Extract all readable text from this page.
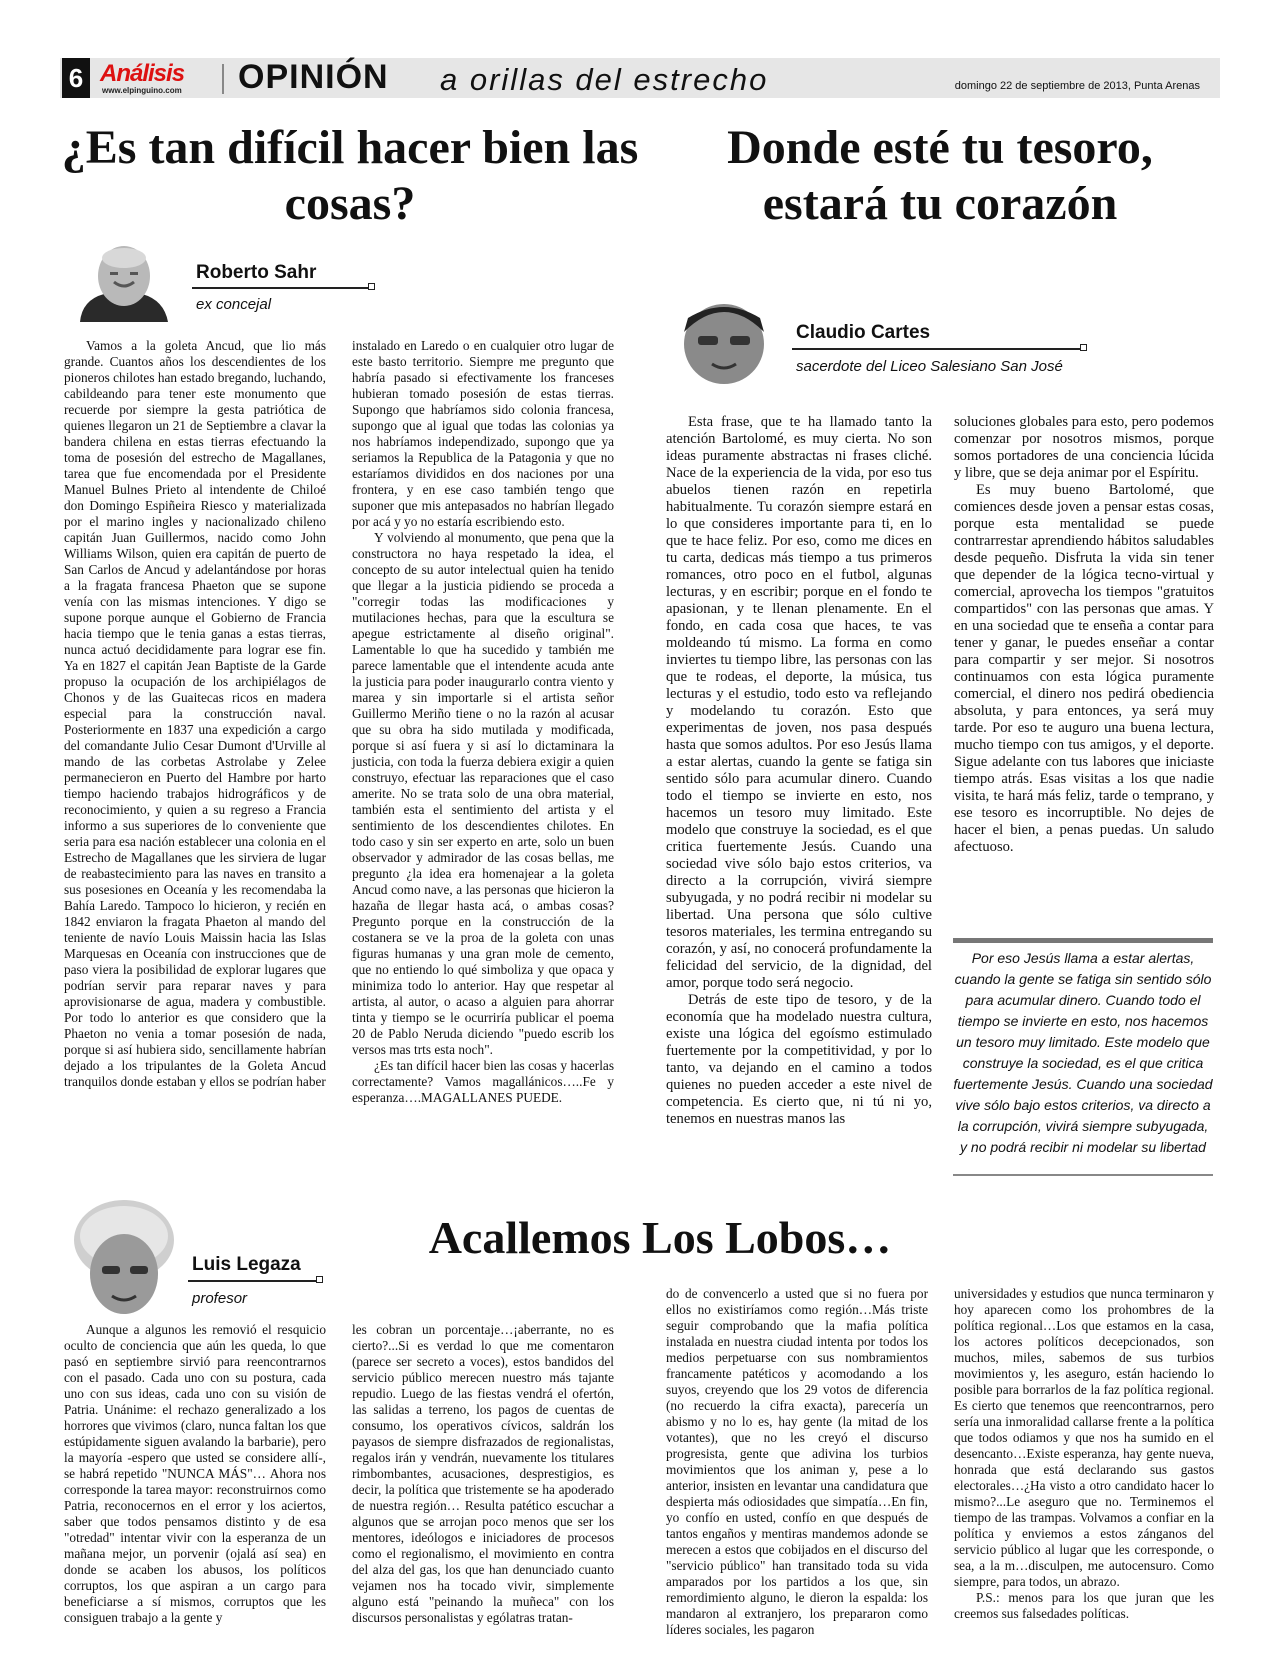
6 Análisis
www.elpinguino.com OPINIÓN a orillas del estrecho	domingo 22 de septiembre de 2013, Punta Arenas
¿Es tan difícil hacer bien las cosas?
Roberto Sahr
ex concejal

Vamos a la goleta Ancud, que lio más grande. Cuantos años los descendientes de los pioneros chilotes han estado bregando, luchando, cabildeando para tener este monumento que recuerde por siempre la gesta patriótica de quienes llegaron un 21 de Septiembre a clavar la bandera chilena en estas tierras efectuando la toma de posesión del estrecho de Magallanes, tarea que fue encomendada por el Presidente Manuel Bulnes Prieto al intendente de Chiloé don Domingo Espiñeira Riesco y materializada por el marino ingles y nacionalizado chileno capitán Juan Guillermos, nacido como John Williams Wilson, quien era capitán de puerto de San Carlos de Ancud y adelantándose por horas a la fragata francesa Phaeton que se supone venía con las mismas intenciones. Y digo se supone porque aunque el Gobierno de Francia hacia tiempo que le tenia ganas a estas tierras, nunca actuó decididamente para lograr ese fin. Ya en 1827 el capitán Jean Baptiste de la Garde propuso la ocupación de los archipiélagos de Chonos y de las Guaitecas ricos en madera especial para la construcción naval. Posteriormente en 1837 una expedición a cargo del comandante Julio Cesar Dumont d'Urville al mando de las corbetas Astrolabe y Zelee permanecieron en Puerto del Hambre por harto tiempo haciendo trabajos hidrográficos y de reconocimiento, y quien a su regreso a Francia informo a sus superiores de lo conveniente que seria para esa nación establecer una colonia en el Estrecho de Magallanes que les sirviera de lugar de reabastecimiento para las naves en transito a sus posesiones en Oceanía y les recomendaba la Bahía Laredo. Tampoco lo hicieron, y recién en 1842 enviaron la fragata Phaeton al mando del teniente de navío Louis Maissin hacia las Islas Marquesas en Oceanía con instrucciones que de paso viera la posibilidad de explorar lugares que podrían servir para reparar naves y para aprovisionarse de agua, madera y combustible. Por todo lo anterior es que considero que la Phaeton no venia a tomar posesión de nada, porque si así hubiera sido, sencillamente habrían dejado a los tripulantes de la Goleta Ancud tranquilos donde estaban y ellos se podrían haber

instalado en Laredo o en cualquier otro lugar de este basto territorio. Siempre me pregunto que habría pasado si efectivamente los franceses hubieran tomado posesión de estas tierras. Supongo que habríamos sido colonia francesa, supongo que al igual que todas las colonias ya nos habríamos independizado, supongo que ya seriamos la Republica de la Patagonia y que no estaríamos divididos en dos naciones por una frontera, y en ese caso también tengo que suponer que mis antepasados no habrían llegado por acá y yo no estaría escribiendo esto.

Y volviendo al monumento, que pena que la constructora no haya respetado la idea, el concepto de su autor intelectual quien ha tenido que llegar a la justicia pidiendo se proceda a "corregir todas las modificaciones y mutilaciones hechas, para que la escultura se apegue estrictamente al diseño original". Lamentable lo que ha sucedido y también me parece lamentable que el intendente acuda ante la justicia para poder inaugurarlo contra viento y marea y sin importarle si el artista señor Guillermo Meriño tiene o no la razón al acusar que su obra ha sido mutilada y modificada, porque si así fuera y si así lo dictaminara la justicia, con toda la fuerza debiera exigir a quien construyo, efectuar las reparaciones que el caso amerite. No se trata solo de una obra material, también esta el sentimiento del artista y el sentimiento de los descendientes chilotes. En todo caso y sin ser experto en arte, solo un buen observador y admirador de las cosas bellas, me pregunto ¿la idea era homenajear a la goleta Ancud como nave, a las personas que hicieron la hazaña de llegar hasta acá, o ambas cosas? Pregunto porque en la construcción de la costanera se ve la proa de la goleta con unas figuras humanas y una gran mole de cemento, que no entiendo lo qué simboliza y que opaca y minimiza todo lo anterior. Hay que respetar al artista, al autor, o acaso a alguien para ahorrar tinta y tiempo se le ocurriría publicar el poema 20 de Pablo Neruda diciendo "puedo escrib los versos mas trts esta noch".

¿Es tan difícil hacer bien las cosas y hacerlas correctamente? Vamos magallánicos…..Fe y esperanza….MAGALLANES PUEDE.

Donde esté tu tesoro, estará tu corazón
Claudio Cartes
sacerdote del Liceo Salesiano San José

Esta frase, que te ha llamado tanto la atención Bartolomé, es muy cierta. No son ideas puramente abstractas ni frases cliché. Nace de la experiencia de la vida, por eso tus abuelos tienen razón en repetirla habitualmente. Tu corazón siempre estará en lo que consideres importante para ti, en lo que te hace feliz. Por eso, como me dices en tu carta, dedicas más tiempo a tus primeros romances, otro poco en el futbol, algunas lecturas, y en escribir; porque en el fondo te apasionan, y te llenan plenamente. En el fondo, en cada cosa que haces, te vas moldeando tú mismo. La forma en como inviertes tu tiempo libre, las personas con las que te rodeas, el deporte, la música, tus lecturas y el estudio, todo esto va reflejando y modelando tu corazón. Esto que experimentas de joven, nos pasa después hasta que somos adultos. Por eso Jesús llama a estar alertas, cuando la gente se fatiga sin sentido sólo para acumular dinero. Cuando todo el tiempo se invierte en esto, nos hacemos un tesoro muy limitado. Este modelo que construye la sociedad, es el que critica fuertemente Jesús. Cuando una sociedad vive sólo bajo estos criterios, va directo a la corrupción, vivirá siempre subyugada, y no podrá recibir ni modelar su libertad. Una persona que sólo cultive tesoros materiales, les termina entregando su corazón, y así, no conocerá profundamente la felicidad del servicio, de la dignidad, del amor, porque todo será negocio.

Detrás de este tipo de tesoro, y de la economía que ha modelado nuestra cultura, existe una lógica del egoísmo estimulado fuertemente por la competitividad, y por lo tanto, va dejando en el camino a todos quienes no pueden acceder a este nivel de competencia. Es cierto que, ni tú ni yo, tenemos en nuestras manos las

soluciones globales para esto, pero podemos comenzar por nosotros mismos, porque somos portadores de una conciencia lúcida y libre, que se deja animar por el Espíritu.

Es muy bueno Bartolomé, que comiences desde joven a pensar estas cosas, porque esta mentalidad se puede contrarrestar aprendiendo hábitos saludables desde pequeño. Disfruta la vida sin tener que depender de la lógica tecno-virtual y comercial, aprovecha los tiempos "gratuitos compartidos" con las personas que amas. Y en una sociedad que te enseña a contar para tener y ganar, le puedes enseñar a contar para compartir y ser mejor. Si nosotros continuamos con esta lógica puramente comercial, el dinero nos pedirá obediencia absoluta, y para entonces, ya será muy tarde. Por eso te auguro una buena lectura, mucho tiempo con tus amigos, y el deporte. Sigue adelante con tus labores que iniciaste tiempo atrás. Esas visitas a los que nadie visita, te hará más feliz, tarde o temprano, y ese tesoro es incorruptible. No dejes de hacer el bien, a penas puedas. Un saludo afectuoso.

Por eso Jesús llama a estar alertas, cuando la gente se fatiga sin sentido sólo para acumular dinero. Cuando todo el tiempo se invierte en esto, nos hacemos un tesoro muy limitado. Este modelo que construye la sociedad, es el que critica fuertemente Jesús. Cuando una sociedad vive sólo bajo estos criterios, va directo a la corrupción, vivirá siempre subyugada, y no podrá recibir ni modelar su libertad
Acallemos Los Lobos…
Luis Legaza
profesor

Aunque a algunos les removió el resquicio oculto de conciencia que aún les queda, lo que pasó en septiembre sirvió para reencontrarnos con el pasado. Cada uno con su postura, cada uno con sus ideas, cada uno con su visión de Patria. Unánime: el rechazo generalizado a los horrores que vivimos (claro, nunca faltan los que estúpidamente siguen avalando la barbarie), pero la mayoría -espero que usted se considere allí-, se habrá repetido "NUNCA MÁS"… Ahora nos corresponde la tarea mayor: reconstruirnos como Patria, reconocernos en el error y los aciertos, saber que todos pensamos distinto y de esa "otredad" intentar vivir con la esperanza de un mañana mejor, un porvenir (ojalá así sea) en donde se acaben los abusos, los políticos corruptos, los que aspiran a un cargo para beneficiarse a sí mismos, corruptos que les consiguen trabajo a la gente y

les cobran un porcentaje…¡aberrante, no es cierto?...Si es verdad lo que me comentaron (parece ser secreto a voces), estos bandidos del servicio público merecen nuestro más tajante repudio. Luego de las fiestas vendrá el ofertón, las salidas a terreno, los pagos de cuentas de consumo, los operativos cívicos, saldrán los payasos de siempre disfrazados de regionalistas, regalos irán y vendrán, nuevamente los titulares rimbombantes, acusaciones, desprestigios, es decir, la política que tristemente se ha apoderado de nuestra región… Resulta patético escuchar a algunos que se arrojan poco menos que ser los mentores, ideólogos e iniciadores de procesos como el regionalismo, el movimiento en contra del alza del gas, los que han denunciado cuanto vejamen nos ha tocado vivir, simplemente alguno está "peinando la muñeca" con los discursos personalistas y ególatras tratan-

do de convencerlo a usted que si no fuera por ellos no existiríamos como región…Más triste seguir comprobando que la mafia política instalada en nuestra ciudad intenta por todos los medios perpetuarse con sus nombramientos francamente patéticos y acomodando a los suyos, creyendo que los 29 votos de diferencia (no recuerdo la cifra exacta), parecería un abismo y no lo es, hay gente (la mitad de los votantes), que no les creyó el discurso progresista, gente que adivina los turbios movimientos que los animan y, pese a lo anterior, insisten en levantar una candidatura que despierta más odiosidades que simpatía…En fin, yo confío en usted, confío en que después de tantos engaños y mentiras mandemos adonde se merecen a estos que cobijados en el discurso del "servicio público" han transitado toda su vida amparados por los partidos a los que, sin remordimiento alguno, le dieron la espalda: los mandaron al extranjero, los prepararon como líderes sociales, les pagaron

universidades y estudios que nunca terminaron y hoy aparecen como los prohombres de la política regional…Los que estamos en la casa, los actores políticos decepcionados, son muchos, miles, sabemos de sus turbios movimientos y, les aseguro, están haciendo lo posible para borrarlos de la faz política regional. Es cierto que tenemos que reencontrarnos, pero sería una inmoralidad callarse frente a la política que todos odiamos y que nos ha sumido en el desencanto…Existe esperanza, hay gente nueva, honrada que está declarando sus gastos electorales…¿Ha visto a otro candidato hacer lo mismo?...Le aseguro que no. Terminemos el tiempo de las trampas. Volvamos a confiar en la política y enviemos a estos zánganos del servicio público al lugar que les corresponde, o sea, a la m…disculpen, me autocensuro. Como siempre, para todos, un abrazo.

P.S.: menos para los que juran que les creemos sus falsedades políticas.
